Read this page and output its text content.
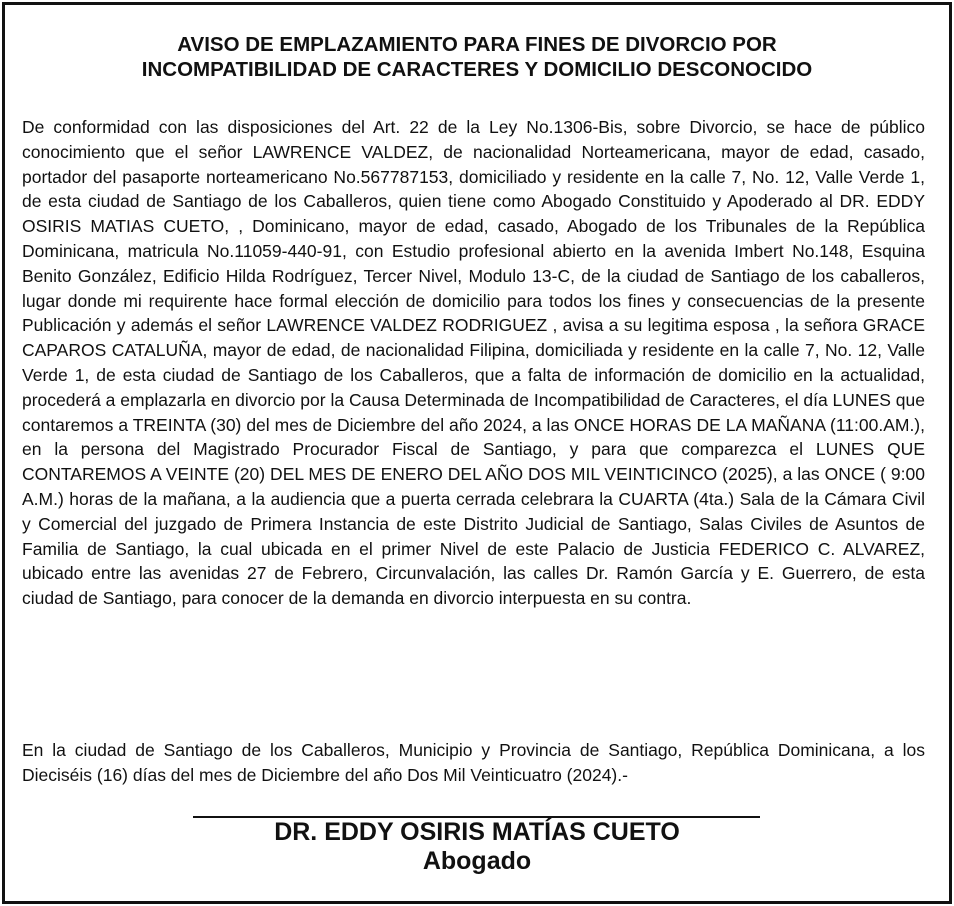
AVISO DE EMPLAZAMIENTO PARA FINES DE DIVORCIO POR
INCOMPATIBILIDAD DE CARACTERES Y DOMICILIO DESCONOCIDO

De conformidad con las disposiciones del Art. 22 de la Ley No.1306-Bis, sobre Divorcio, se hace de público conocimiento que el señor LAWRENCE VALDEZ, de nacionalidad Norteamericana, mayor de edad, casado, portador del pasaporte norteamericano No.567787153, domiciliado y residente en la calle 7, No. 12, Valle Verde 1, de esta ciudad de Santiago de los Caballeros, quien tiene como Abogado Constituido y Apoderado al DR. EDDY OSIRIS MATIAS CUETO, , Dominicano, mayor de edad, casado, Abogado de los Tribunales de la República Dominicana, matricula No.11059-440-91, con Estudio profesional abierto en la avenida Imbert No.148, Esquina Benito González, Edificio Hilda Rodríguez, Tercer Nivel, Modulo 13-C, de la ciudad de Santiago de los caballeros, lugar donde mi requirente hace formal elección de domicilio para todos los fines y consecuencias de la presente Publicación y además el señor LAWRENCE VALDEZ RODRIGUEZ , avisa a su legitima esposa , la señora GRACE CAPAROS CATALUÑA, mayor de edad, de nacionalidad Filipina, domiciliada y residente en la calle 7, No. 12, Valle Verde 1, de esta ciudad de Santiago de los Caballeros, que a falta de información de domicilio en la actualidad, procederá a emplazarla en divorcio por la Causa Determinada de Incompatibilidad de Caracteres, el día LUNES que contaremos a TREINTA (30) del mes de Diciembre del año 2024, a las ONCE HORAS DE LA MAÑANA (11:00.AM.), en la persona del Magistrado Procurador Fiscal de Santiago, y para que comparezca el LUNES QUE CONTAREMOS A VEINTE (20) DEL MES DE ENERO DEL AÑO DOS MIL VEINTICINCO (2025), a las ONCE ( 9:00 A.M.) horas de la mañana, a la audiencia que a puerta cerrada celebrara la CUARTA (4ta.) Sala de la Cámara Civil y Comercial del juzgado de Primera Instancia de este Distrito Judicial de Santiago, Salas Civiles de Asuntos de Familia de Santiago, la cual ubicada en el primer Nivel de este Palacio de Justicia FEDERICO C. ALVAREZ, ubicado entre las avenidas 27 de Febrero, Circunvalación, las calles Dr. Ramón García y E. Guerrero, de esta ciudad de Santiago, para conocer de la demanda en divorcio interpuesta en su contra.

En la ciudad de Santiago de los Caballeros, Municipio y Provincia de Santiago, República Dominicana, a los Dieciséis (16) días del mes de Diciembre del año Dos Mil Veinticuatro (2024).-

DR. EDDY OSIRIS MATÍAS CUETO
Abogado
